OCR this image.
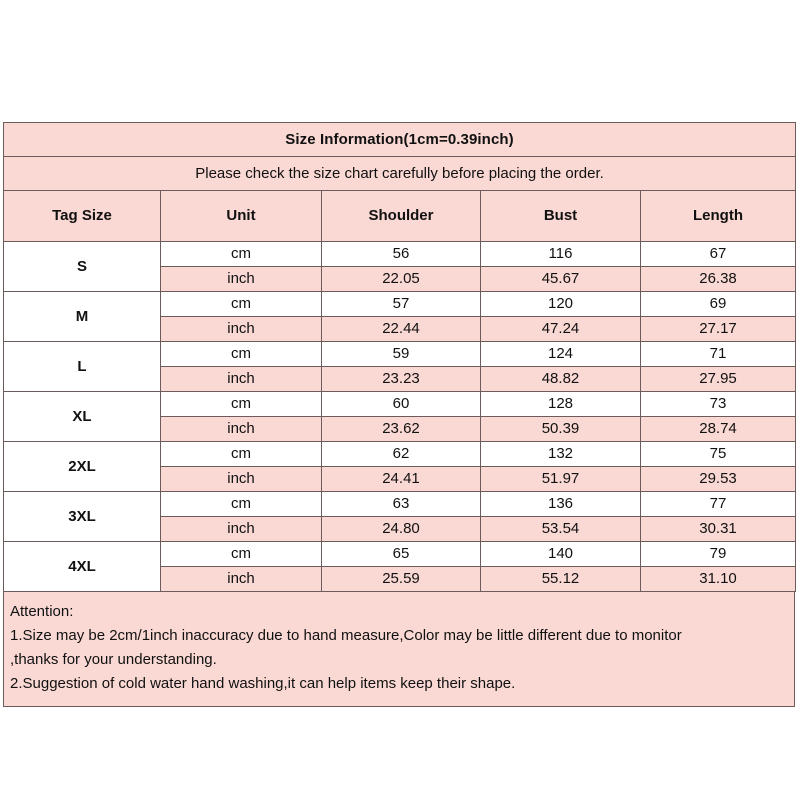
Size Information(1cm=0.39inch)				
Please check the size chart carefully before placing the order.				
Tag Size	Unit	Shoulder	Bust	Length
S	cm	56	116	67
	inch	22.05	45.67	26.38
M	cm	57	120	69
	inch	22.44	47.24	27.17
L	cm	59	124	71
	inch	23.23	48.82	27.95
XL	cm	60	128	73
	inch	23.62	50.39	28.74
2XL	cm	62	132	75
	inch	24.41	51.97	29.53
3XL	cm	63	136	77
	inch	24.80	53.54	30.31
4XL	cm	65	140	79
	inch	25.59	55.12	31.10
Attention:
1.Size may be 2cm/1inch inaccuracy due to hand measure,Color may be little different due to monitor
,thanks for your understanding.
2.Suggestion of cold water hand washing,it can help items keep their shape.
